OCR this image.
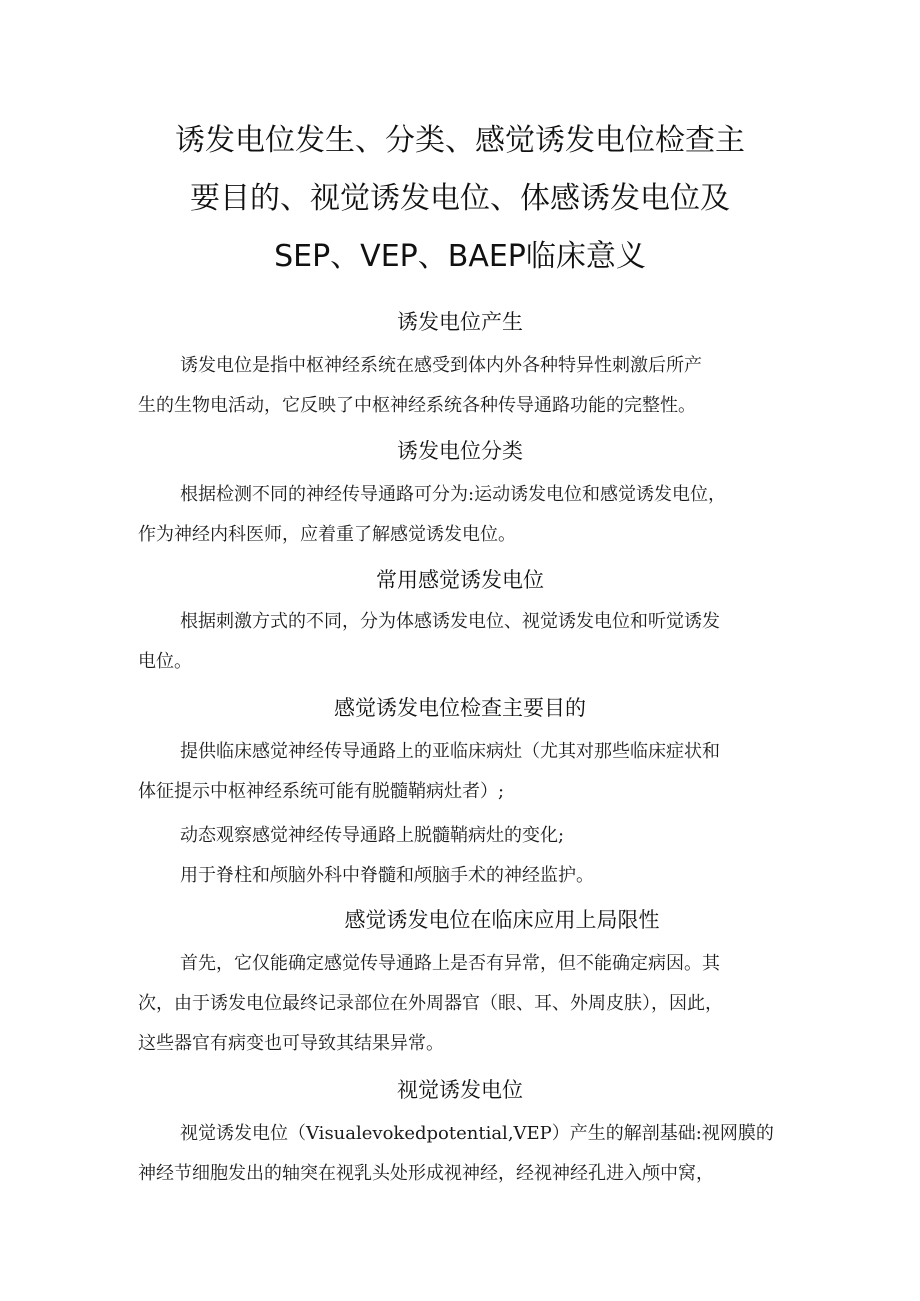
诱发电位发生、分类、感觉诱发电位检查主
要目的、视觉诱发电位、体感诱发电位及
SEP、VEP、BAEP临床意义
诱发电位产生
诱发电位是指中枢神经系统在感受到体内外各种特异性刺激后所产
生的生物电活动，它反映了中枢神经系统各种传导通路功能的完整性。
诱发电位分类
根据检测不同的神经传导通路可分为:运动诱发电位和感觉诱发电位，
作为神经内科医师，应着重了解感觉诱发电位。
常用感觉诱发电位
根据刺激方式的不同，分为体感诱发电位、视觉诱发电位和听觉诱发
电位。
感觉诱发电位检查主要目的
提供临床感觉神经传导通路上的亚临床病灶（尤其对那些临床症状和
体征提示中枢神经系统可能有脱髓鞘病灶者）;
动态观察感觉神经传导通路上脱髓鞘病灶的变化;
用于脊柱和颅脑外科中脊髓和颅脑手术的神经监护。
感觉诱发电位在临床应用上局限性
首先，它仅能确定感觉传导通路上是否有异常，但不能确定病因。其
次，由于诱发电位最终记录部位在外周器官（眼、耳、外周皮肤），因此，
这些器官有病变也可导致其结果异常。
视觉诱发电位
视觉诱发电位（Visualevokedpotential,VEP）产生的解剖基础:视网膜的
神经节细胞发出的轴突在视乳头处形成视神经，经视神经孔进入颅中窝，
